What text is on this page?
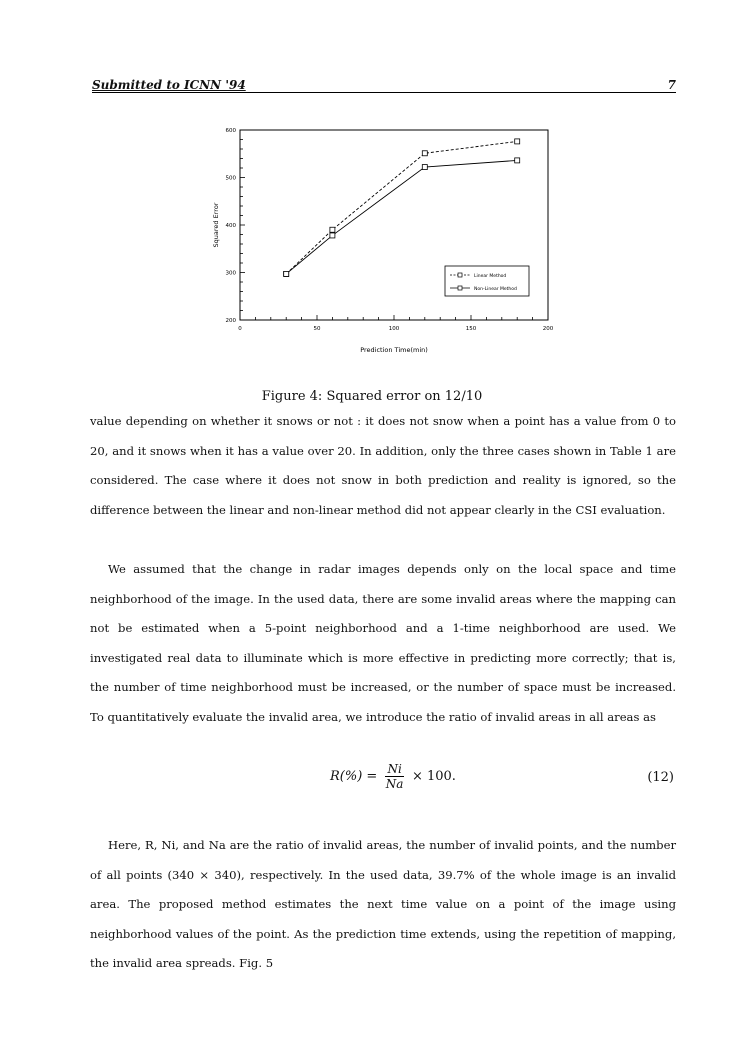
Submitted to ICNN '94	7
0	50	100	150	200
200
300
400
500
600
Prediction Time(min)
Squared Error
Linear Method
Non-Linear Method
Figure 4: Squared error on 12/10
value depending on whether it snows or not : it does not snow when a point has a value from 0 to 20, and it snows when it has a value over 20. In addition, only the three cases shown in Table 1 are considered. The case where it does not snow in both prediction and reality is ignored, so the difference between the linear and non-linear method did not appear clearly in the CSI evaluation.
We assumed that the change in radar images depends only on the local space and time neighborhood of the image. In the used data, there are some invalid areas where the mapping can not be estimated when a 5-point neighborhood and a 1-time neighborhood are used. We investigated real data to illuminate which is more effective in predicting more correctly; that is, the number of time neighborhood must be increased, or the number of space must be increased. To quantitatively evaluate the invalid area, we introduce the ratio of invalid areas in all areas as
$R(\%) = \frac{Ni}{Na} \times 100$.	(12)
Here, R, Ni, and Na are the ratio of invalid areas, the number of invalid points, and the number of all points (340 × 340), respectively. In the used data, 39.7% of the whole image is an invalid area. The proposed method estimates the next time value on a point of the image using neighborhood values of the point. As the prediction time extends, using the repetition of mapping, the invalid area spreads. Fig. 5
